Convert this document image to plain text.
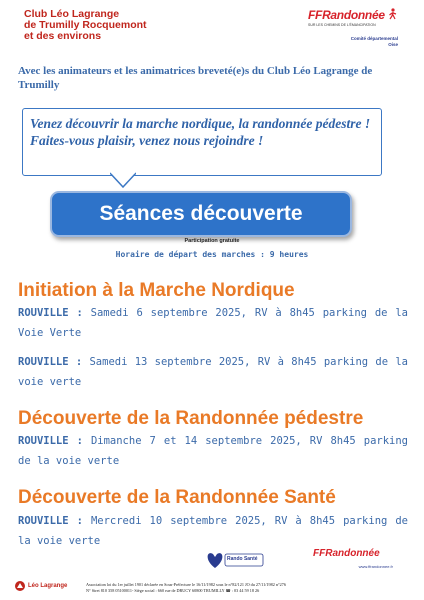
Club Léo Lagrange
de Trumilly Rocquemont
et des environs
FFRandonnée
SUR LES CHEMINS DE L'ÉMANCIPATION
Comité départemental
Oise
Avec les animateurs et les animatrices breveté(e)s du Club Léo Lagrange de Trumilly
Venez découvrir la marche nordique, la randonnée pédestre !
Faites-vous plaisir, venez nous rejoindre !
Séances découverte
Participation gratuite
Horaire de départ des marches : 9 heures
Initiation à la Marche Nordique
ROUVILLE : Samedi 6 septembre 2025, RV à 8h45 parking de la Voie Verte
ROUVILLE : Samedi 13 septembre 2025, RV à 8h45 parking de la voie verte
Découverte de la Randonnée pédestre
ROUVILLE : Dimanche 7 et 14 septembre 2025, RV 8h45 parking de la voie verte
Découverte de la Randonnée Santé
ROUVILLE : Mercredi 10 septembre 2025, RV à 8h45 parking de la voie verte
Rando Santé	FFRandonnée
www.ffrandonnee.fr
Léo Lagrange	Association loi du 1er juillet 1901 déclarée en Sous-Préfecture le 16/11/1982 sous le n°82/121 JO du 27/11/1982 n°276
N° Siret 810 358 05100011- Siège social : 660 rue de DRUCY 60800 TRUMILLY ☎ : 03 44 59 18 26
